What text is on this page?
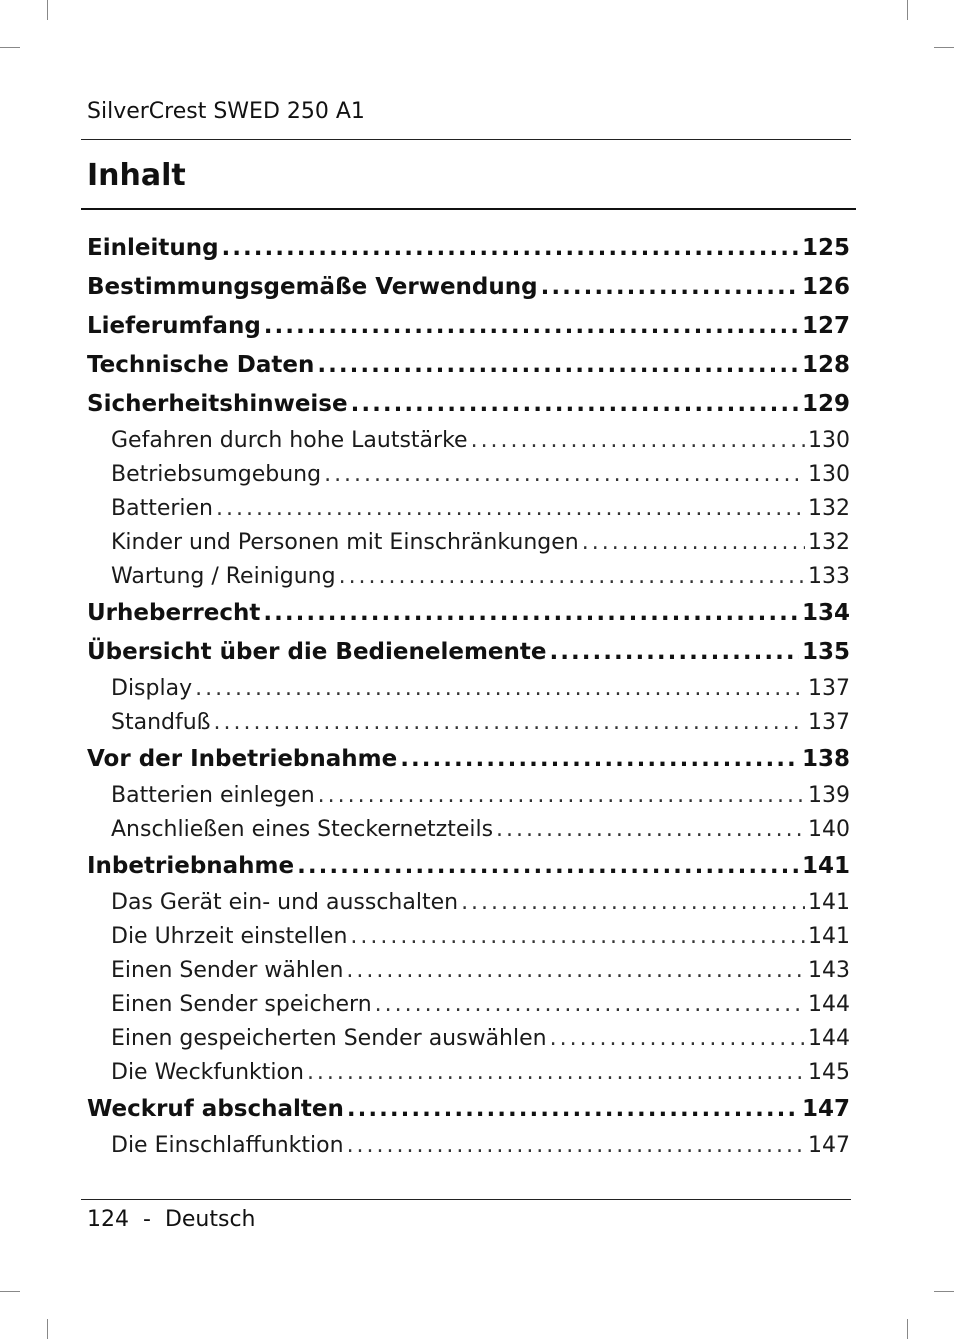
SilverCrest SWED 250 A1
Inhalt
Einleitung . . .	125
Bestimmungsgemäße Verwendung . . .	126
Lieferumfang . . .	127
Technische Daten . . .	128
Sicherheitshinweise . . .	129
Gefahren durch hohe Lautstärke . . .	130
Betriebsumgebung . . .	130
Batterien . . .	132
Kinder und Personen mit Einschränkungen . . .	132
Wartung / Reinigung . . .	133
Urheberrecht . . .	134
Übersicht über die Bedienelemente . . .	135
Display . . .	137
Standfuß . . .	137
Vor der Inbetriebnahme . . .	138
Batterien einlegen . . .	139
Anschließen eines Steckernetzteils . . .	140
Inbetriebnahme . . .	141
Das Gerät ein- und ausschalten . . .	141
Die Uhrzeit einstellen . . .	141
Einen Sender wählen . . .	143
Einen Sender speichern . . .	144
Einen gespeicherten Sender auswählen . . .	144
Die Weckfunktion . . .	145
Weckruf abschalten . . .	147
Die Einschlaffunktion . . .	147
124 - Deutsch
